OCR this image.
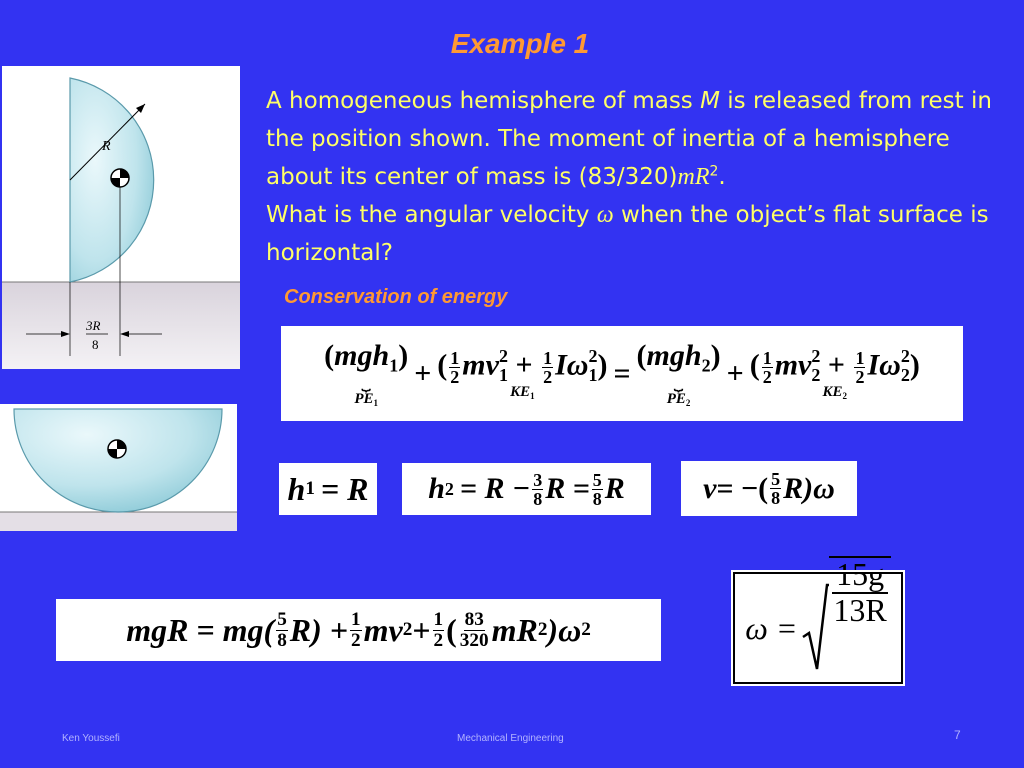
Example 1
R
3R
8
A homogeneous hemisphere of mass M is released from rest in the position shown. The moment of inertia of a hemisphere about its center of mass is $(83/320)mR^2$.
What is the angular velocity ω when the object’s flat surface is horizontal?
Conservation of energy
(mgh$_1$)
⏟
$PE_1$
 +  ( $\frac{1}{2} mv^2_1 + \frac{1}{2} I\omega^2_1$)
$KE_1$
 = 
(mgh$_2$)
⏟
$PE_2$
 +  ( $\frac{1}{2} mv^2_2 + \frac{1}{2} I\omega^2_2$)
$KE_2$
h 1 = R h 2
  = $R - \frac{3}{8}$ $R = \frac{5}{8}$ R	v = −( $\frac{5}{8} R)\omega$
mgR = $mg( \frac{5}{8} R) + \frac{1}{2}$ mv $2 + \frac{1}{2}$ ( $\frac{83}{320}$ mR 2 )ω 2	$\omega = \frac{15g}{13R}$
Ken Youssefi	Mechanical Engineering	7
